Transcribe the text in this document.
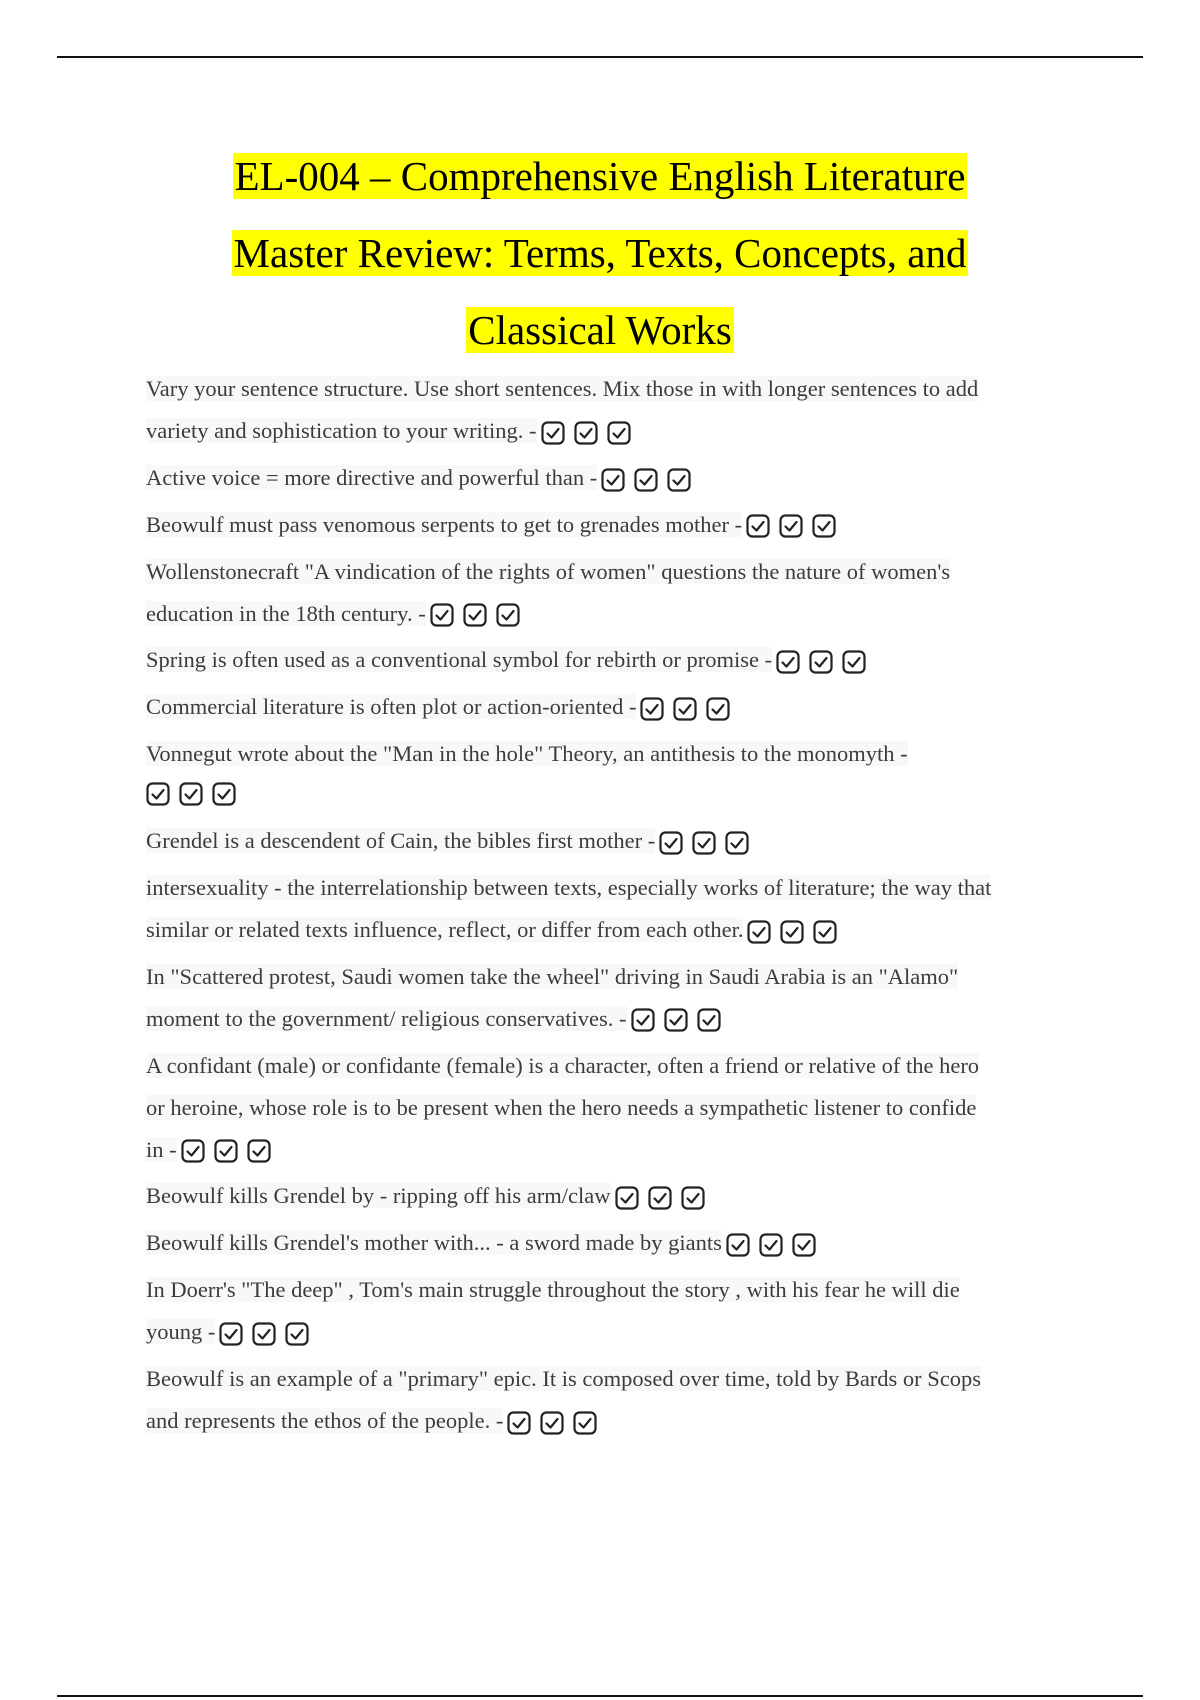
EL-004 – Comprehensive English Literature
Master Review: Terms, Texts, Concepts, and
Classical Works
Vary your sentence structure. Use short sentences. Mix those in with longer sentences to add
variety and sophistication to your writing. -
Active voice = more directive and powerful than -
Beowulf must pass venomous serpents to get to grenades mother -
Wollenstonecraft "A vindication of the rights of women" questions the nature of women's
education in the 18th century. -
Spring is often used as a conventional symbol for rebirth or promise -
Commercial literature is often plot or action-oriented -
Vonnegut wrote about the "Man in the hole" Theory, an antithesis to the monomyth -
Grendel is a descendent of Cain, the bibles first mother -
intersexuality - the interrelationship between texts, especially works of literature; the way that
similar or related texts influence, reflect, or differ from each other.
In "Scattered protest, Saudi women take the wheel" driving in Saudi Arabia is an "Alamo"
moment to the government/ religious conservatives. -
A confidant (male) or confidante (female) is a character, often a friend or relative of the hero
or heroine, whose role is to be present when the hero needs a sympathetic listener to confide
in -
Beowulf kills Grendel by - ripping off his arm/claw
Beowulf kills Grendel's mother with... - a sword made by giants
In Doerr's "The deep" , Tom's main struggle throughout the story , with his fear he will die
young -
Beowulf is an example of a "primary" epic. It is composed over time, told by Bards or Scops
and represents the ethos of the people. -
